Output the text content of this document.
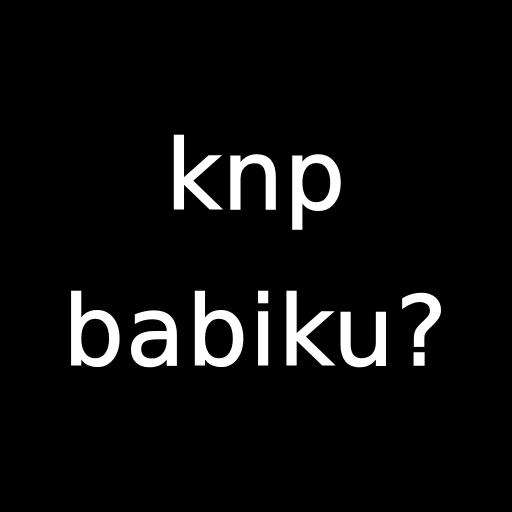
knp
babiku?
